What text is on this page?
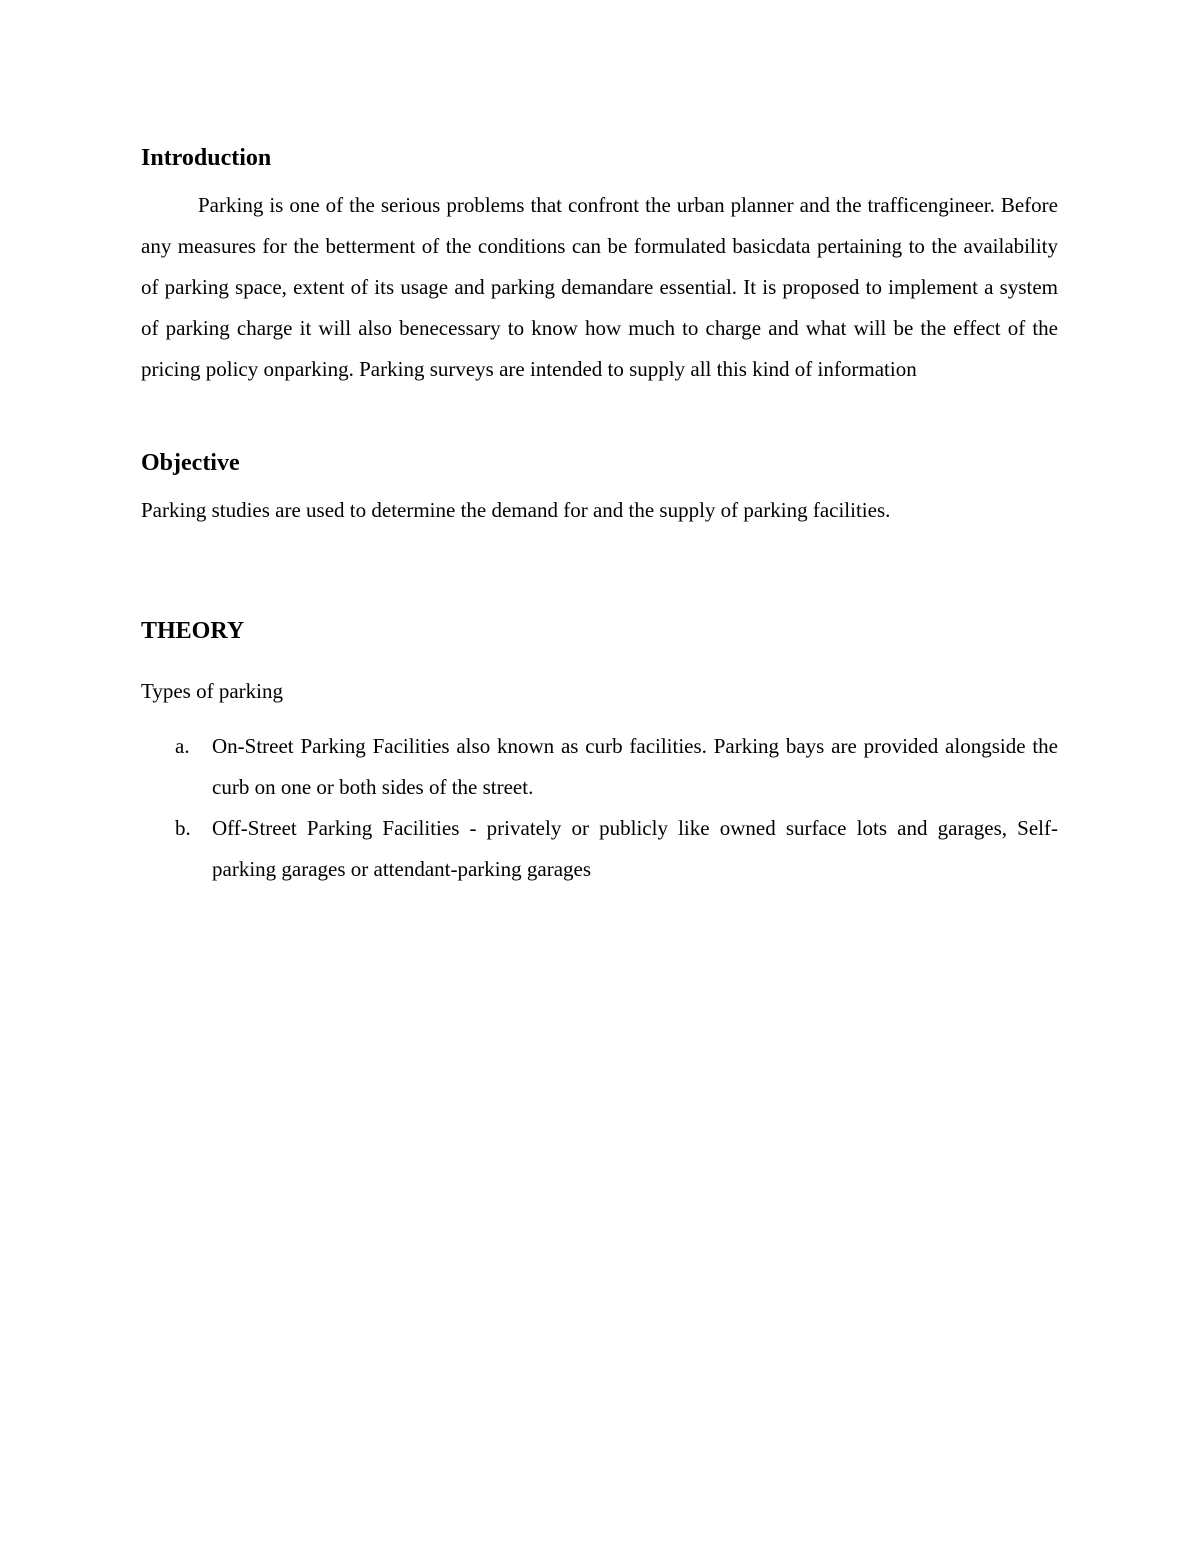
Introduction

Parking is one of the serious problems that confront the urban planner and the trafficengineer. Before any measures for the betterment of the conditions can be formulated basicdata pertaining to the availability of parking space, extent of its usage and parking demandare essential. It is proposed to implement a system of parking charge it will also benecessary to know how much to charge and what will be the effect of the pricing policy onparking. Parking surveys are intended to supply all this kind of information

Objective

Parking studies are used to determine the demand for and the supply of parking facilities.

THEORY

Types of parking

a. On-Street Parking Facilities also known as curb facilities. Parking bays are provided alongside the curb on one or both sides of the street.
b. Off-Street Parking Facilities - privately or publicly like owned surface lots and garages, Self- parking garages or attendant-parking garages
